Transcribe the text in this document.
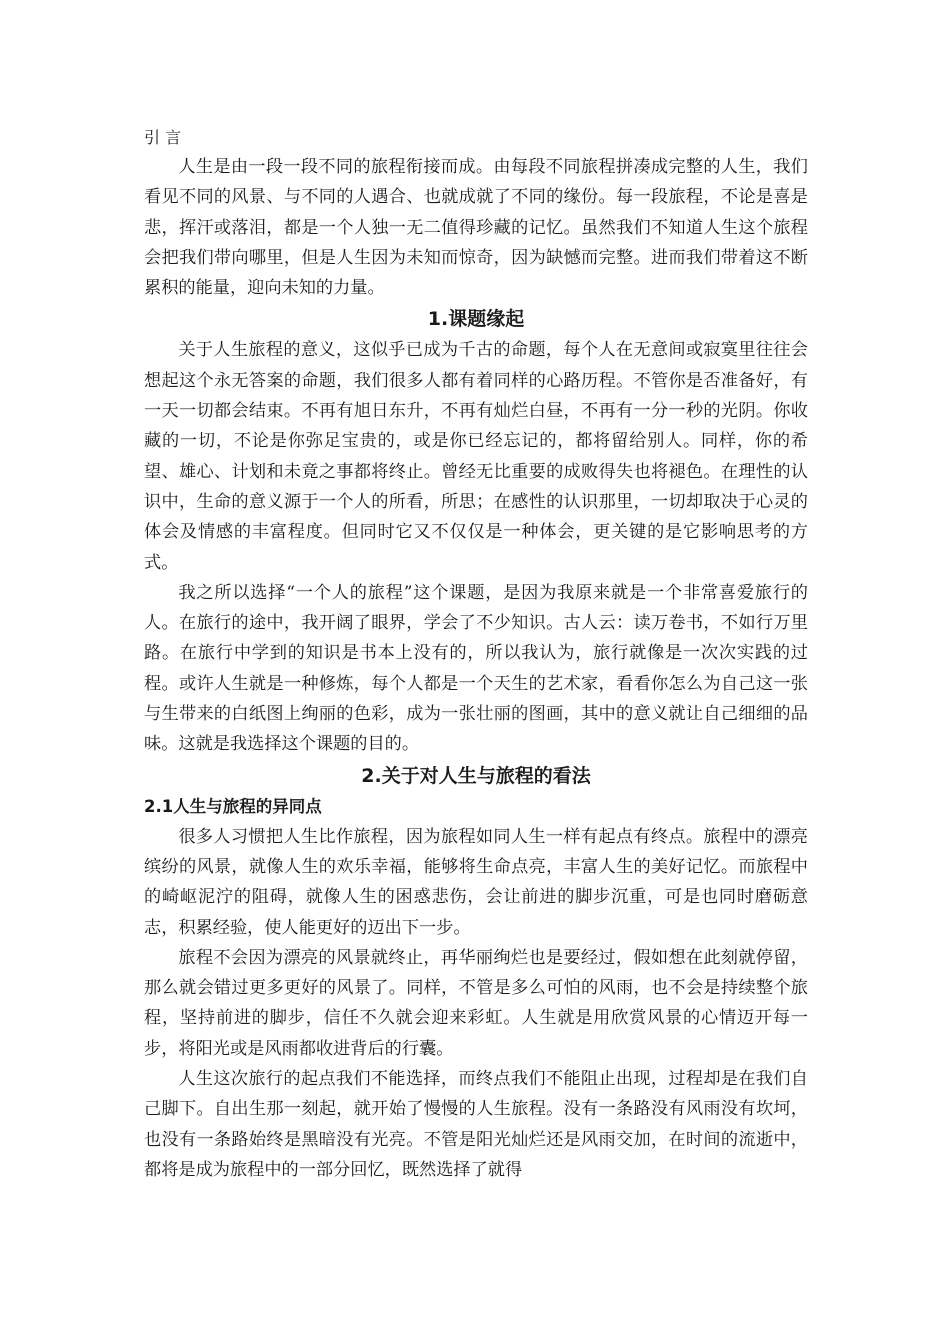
引 言

人生是由一段一段不同的旅程衔接而成。由每段不同旅程拼凑成完整的人生，我们看见不同的风景、与不同的人遇合、也就成就了不同的缘份。每一段旅程，不论是喜是悲，挥汗或落泪，都是一个人独一无二值得珍藏的记忆。虽然我们不知道人生这个旅程会把我们带向哪里，但是人生因为未知而惊奇，因为缺憾而完整。进而我们带着这不断累积的能量，迎向未知的力量。

1.课题缘起

关于人生旅程的意义，这似乎已成为千古的命题，每个人在无意间或寂寞里往往会想起这个永无答案的命题，我们很多人都有着同样的心路历程。不管你是否准备好，有一天一切都会结束。不再有旭日东升，不再有灿烂白昼，不再有一分一秒的光阴。你收藏的一切，不论是你弥足宝贵的，或是你已经忘记的，都将留给别人。同样，你的希望、雄心、计划和未竟之事都将终止。曾经无比重要的成败得失也将褪色。在理性的认识中，生命的意义源于一个人的所看，所思；在感性的认识那里，一切却取决于心灵的体会及情感的丰富程度。但同时它又不仅仅是一种体会，更关键的是它影响思考的方式。

我之所以选择“一个人的旅程”这个课题，是因为我原来就是一个非常喜爱旅行的人。在旅行的途中，我开阔了眼界，学会了不少知识。古人云：读万卷书，不如行万里路。在旅行中学到的知识是书本上没有的，所以我认为，旅行就像是一次次实践的过程。或许人生就是一种修炼，每个人都是一个天生的艺术家，看看你怎么为自己这一张与生带来的白纸图上绚丽的色彩，成为一张壮丽的图画，其中的意义就让自己细细的品味。这就是我选择这个课题的目的。

2.关于对人生与旅程的看法

2.1人生与旅程的异同点

很多人习惯把人生比作旅程，因为旅程如同人生一样有起点有终点。旅程中的漂亮缤纷的风景，就像人生的欢乐幸福，能够将生命点亮，丰富人生的美好记忆。而旅程中的崎岖泥泞的阻碍，就像人生的困惑悲伤，会让前进的脚步沉重，可是也同时磨砺意志，积累经验，使人能更好的迈出下一步。

旅程不会因为漂亮的风景就终止，再华丽绚烂也是要经过，假如想在此刻就停留，那么就会错过更多更好的风景了。同样，不管是多么可怕的风雨，也不会是持续整个旅程，坚持前进的脚步，信任不久就会迎来彩虹。人生就是用欣赏风景的心情迈开每一步，将阳光或是风雨都收进背后的行囊。

人生这次旅行的起点我们不能选择，而终点我们不能阻止出现，过程却是在我们自己脚下。自出生那一刻起，就开始了慢慢的人生旅程。没有一条路没有风雨没有坎坷，也没有一条路始终是黑暗没有光亮。不管是阳光灿烂还是风雨交加，在时间的流逝中，都将是成为旅程中的一部分回忆，既然选择了就得
